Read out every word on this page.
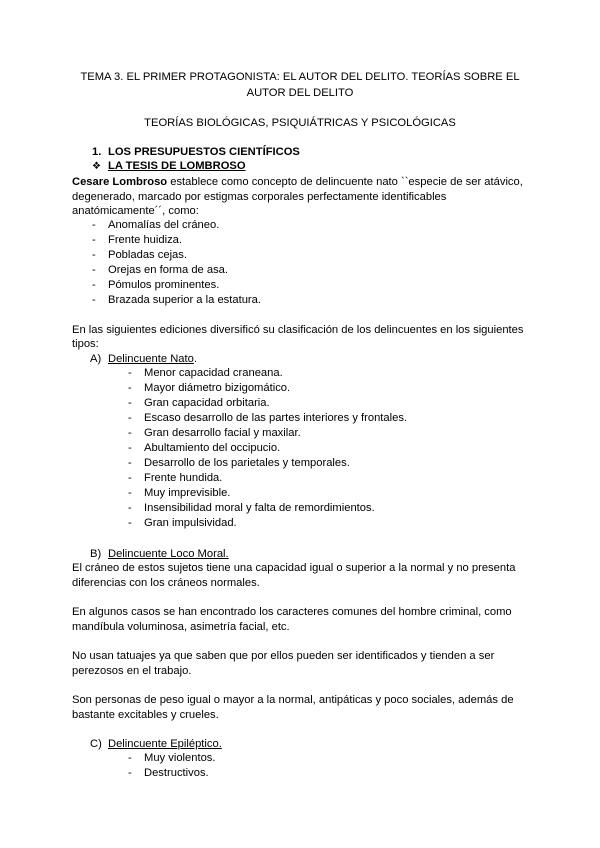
TEMA 3. EL PRIMER PROTAGONISTA: EL AUTOR DEL DELITO. TEORÍAS SOBRE EL
AUTOR DEL DELITO
TEORÍAS BIOLÓGICAS, PSIQUIÁTRICAS Y PSICOLÓGICAS
1. LOS PRESUPUESTOS CIENTÍFICOS
❖ LA TESIS DE LOMBROSO
Cesare Lombroso establece como concepto de delincuente nato ``especie de ser atávico,
degenerado, marcado por estigmas corporales perfectamente identificables
anatómicamente´´, como:
-
Anomalías del cráneo.
-
Frente huidiza.
-
Pobladas cejas.
-
Orejas en forma de asa.
-
Pómulos prominentes.
-
Brazada superior a la estatura.
En las siguientes ediciones diversificó su clasificación de los delincuentes en los siguientes
tipos:
A) Delincuente Nato.
-
Menor capacidad craneana.
-
Mayor diámetro bizigomático.
-
Gran capacidad orbitaria.
-
Escaso desarrollo de las partes interiores y frontales.
-
Gran desarrollo facial y maxilar.
-
Abultamiento del occipucio.
-
Desarrollo de los parietales y temporales.
-
Frente hundida.
-
Muy imprevisible.
-
Insensibilidad moral y falta de remordimientos.
-
Gran impulsividad.
B) Delincuente Loco Moral.
El cráneo de estos sujetos tiene una capacidad igual o superior a la normal y no presenta
diferencias con los cráneos normales.
En algunos casos se han encontrado los caracteres comunes del hombre criminal, como
mandíbula voluminosa, asimetría facial, etc.
No usan tatuajes ya que saben que por ellos pueden ser identificados y tienden a ser
perezosos en el trabajo.
Son personas de peso igual o mayor a la normal, antipáticas y poco sociales, además de
bastante excitables y crueles.
C) Delincuente Epiléptico.
-
Muy violentos.
-
Destructivos.
